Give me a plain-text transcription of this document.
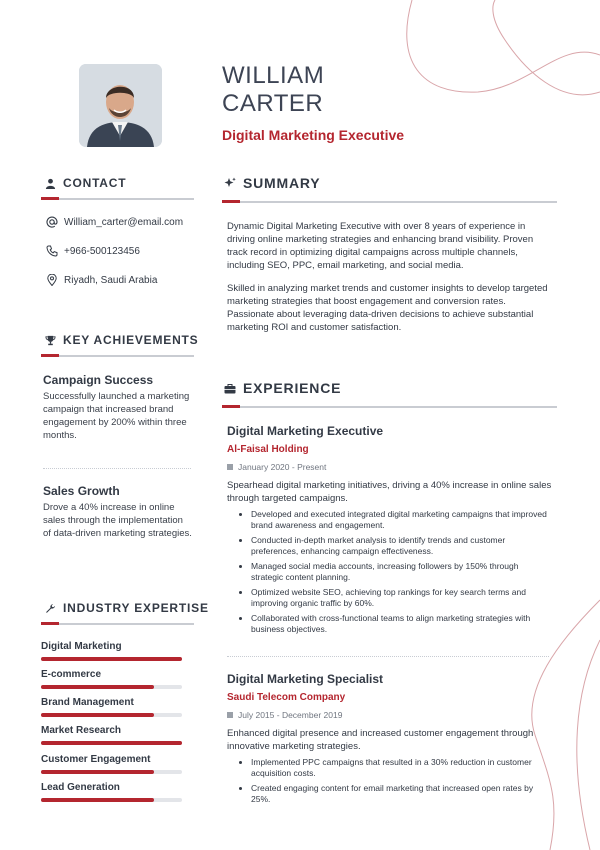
WILLIAM
CARTER
Digital Marketing Executive
CONTACT
William_carter@email.com
+966-500123456
Riyadh, Saudi Arabia
KEY ACHIEVEMENTS
Campaign Success
Successfully launched a marketing campaign that increased brand engagement by 200% within three months.
Sales Growth
Drove a 40% increase in online sales through the implementation of data-driven marketing strategies.
INDUSTRY EXPERTISE
Digital Marketing
E-commerce
Brand Management
Market Research
Customer Engagement
Lead Generation
SUMMARY

Dynamic Digital Marketing Executive with over 8 years of experience in driving online marketing strategies and enhancing brand visibility. Proven track record in optimizing digital campaigns across multiple channels, including SEO, PPC, email marketing, and social media.

Skilled in analyzing market trends and customer insights to develop targeted marketing strategies that boost engagement and conversion rates. Passionate about leveraging data-driven decisions to achieve substantial marketing ROI and customer satisfaction.

EXPERIENCE
Digital Marketing Executive
Al-Faisal Holding
January 2020 - Present
Spearhead digital marketing initiatives, driving a 40% increase in online sales through targeted campaigns.
• Developed and executed integrated digital marketing campaigns that improved brand awareness and engagement.
• Conducted in-depth market analysis to identify trends and customer preferences, enhancing campaign effectiveness.
• Managed social media accounts, increasing followers by 150% through strategic content planning.
• Optimized website SEO, achieving top rankings for key search terms and improving organic traffic by 60%.
• Collaborated with cross-functional teams to align marketing strategies with business objectives.
Digital Marketing Specialist
Saudi Telecom Company
July 2015 - December 2019
Enhanced digital presence and increased customer engagement through innovative marketing strategies.
• Implemented PPC campaigns that resulted in a 30% reduction in customer acquisition costs.
• Created engaging content for email marketing that increased open rates by 25%.
